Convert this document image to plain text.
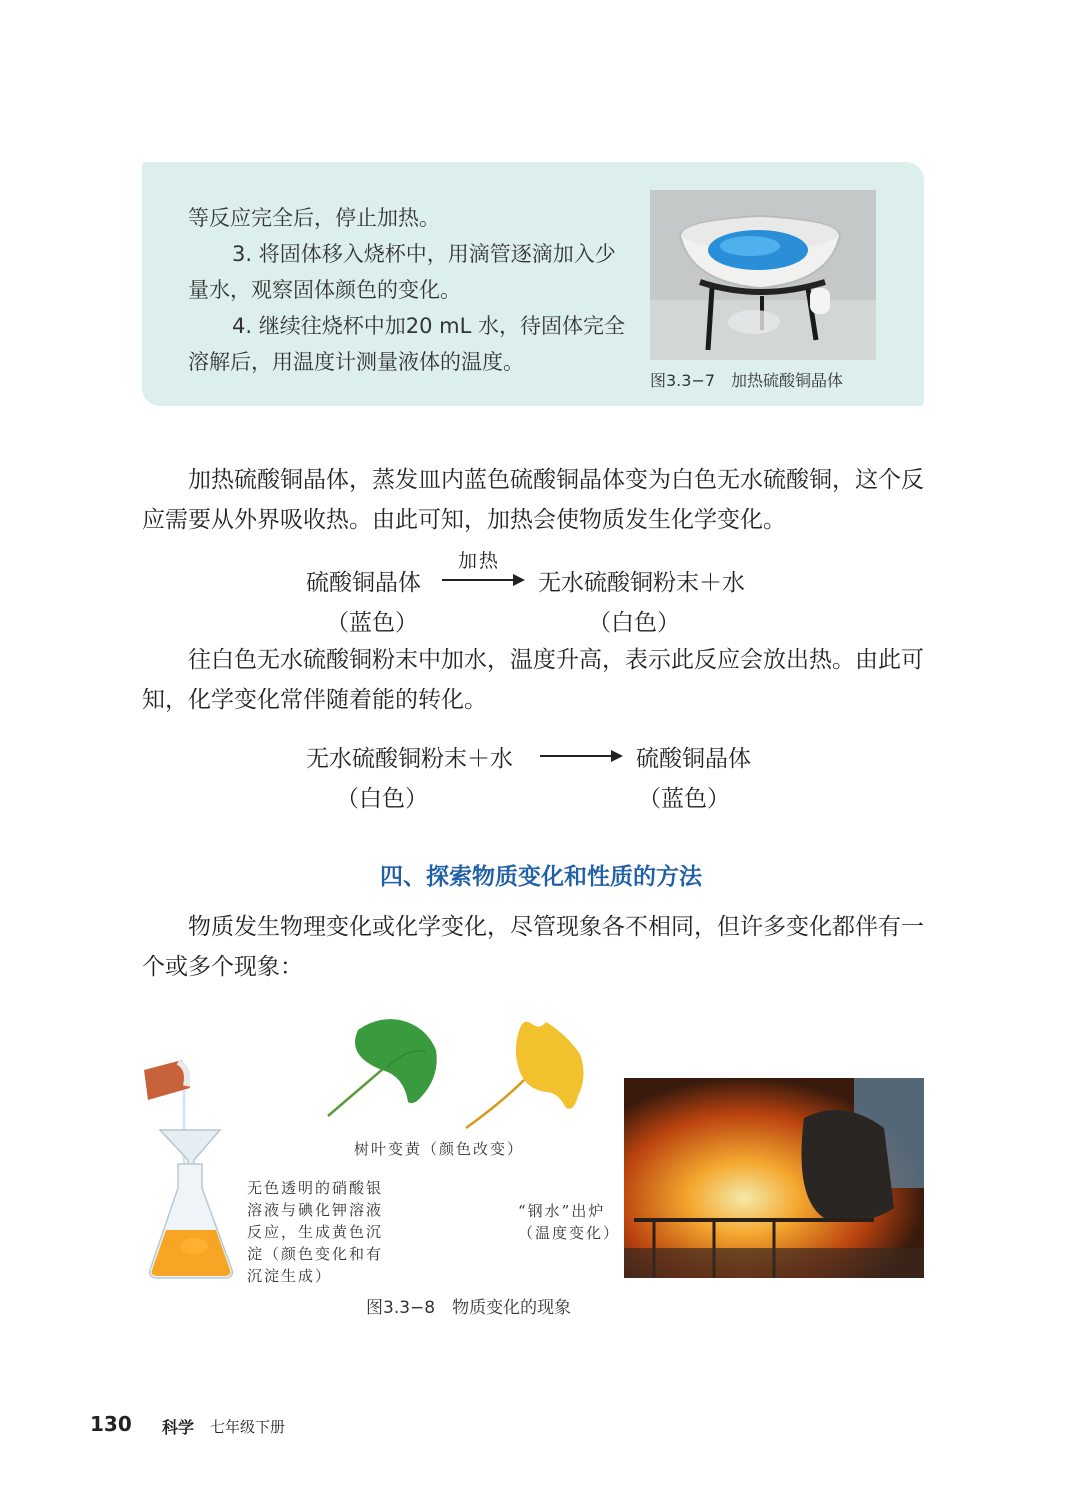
等反应完全后，停止加热。

3. 将固体移入烧杯中，用滴管逐滴加入少量水，观察固体颜色的变化。

4. 继续往烧杯中加20 mL 水，待固体完全溶解后，用温度计测量液体的温度。

图3.3−7　加热硫酸铜晶体

加热硫酸铜晶体，蒸发皿内蓝色硫酸铜晶体变为白色无水硫酸铜，这个反应需要从外界吸收热。由此可知，加热会使物质发生化学变化。

硫酸铜晶体
加热
无水硫酸铜粉末＋水
（蓝色）	（白色）

往白色无水硫酸铜粉末中加水，温度升高，表示此反应会放出热。由此可知，化学变化常伴随着能的转化。

无水硫酸铜粉末＋水	硫酸铜晶体
（白色）	（蓝色）
四、探索物质变化和性质的方法

物质发生物理变化或化学变化，尽管现象各不相同，但许多变化都伴有一个或多个现象：

无色透明的硝酸银
溶液与碘化钾溶液
反应，生成黄色沉
淀（颜色变化和有
沉淀生成）
树叶变黄（颜色改变）
“钢水”出炉
（温度变化）
图3.3−8　物质变化的现象
130 科学 七年级下册
